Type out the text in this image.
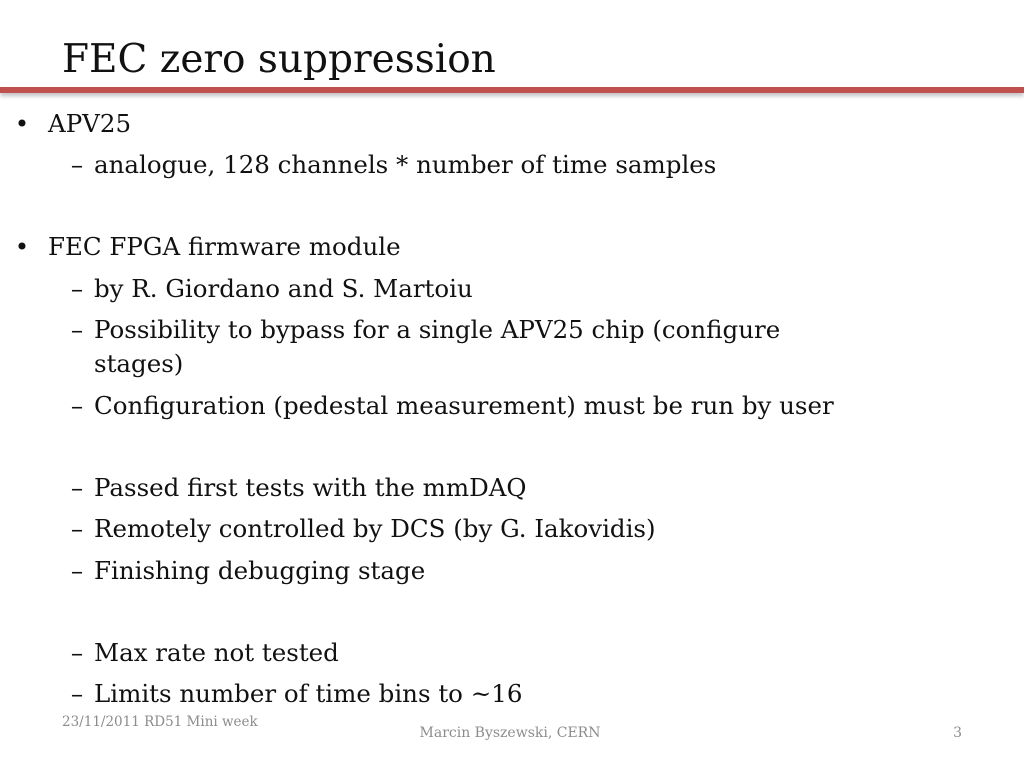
FEC zero suppression
• APV25
– analogue, 128 channels * number of time samples
• FEC FPGA firmware module
– by R. Giordano and S. Martoiu
– Possibility to bypass for a single APV25 chip (configure
stages)
– Configuration (pedestal measurement) must be run by user
– Passed first tests with the mmDAQ
– Remotely controlled by DCS (by G. Iakovidis)
– Finishing debugging stage
– Max rate not tested
– Limits number of time bins to ~16
23/11/2011 RD51 Mini week
Marcin Byszewski, CERN	3
